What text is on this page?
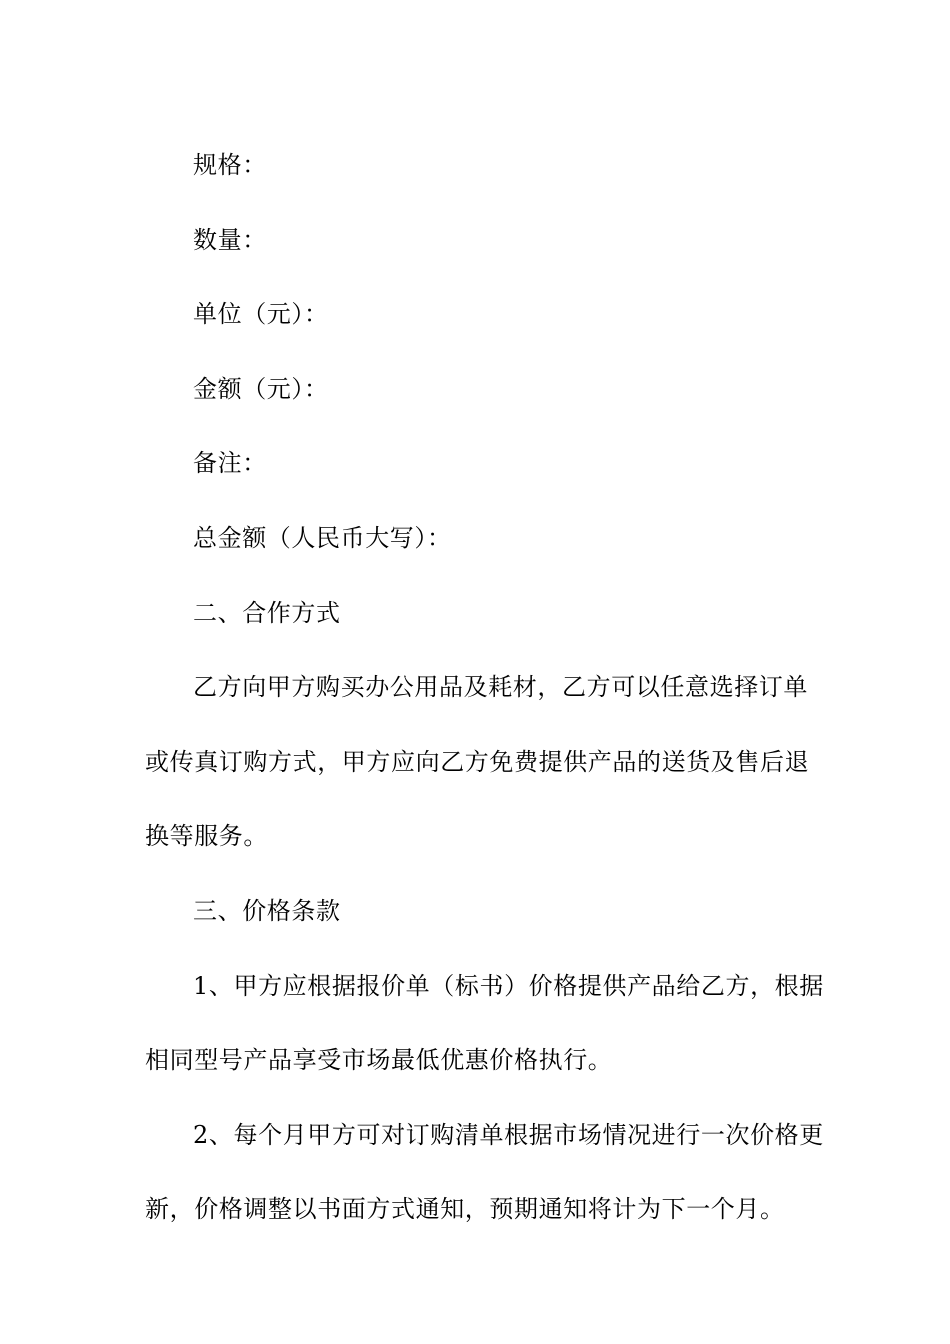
规格：
数量：
单位（元）：
金额（元）：
备注：
总金额（人民币大写）：
二、合作方式
乙方向甲方购买办公用品及耗材，乙方可以任意选择订单
或传真订购方式，甲方应向乙方免费提供产品的送货及售后退
换等服务。
三、价格条款
1、甲方应根据报价单（标书）价格提供产品给乙方，根据
相同型号产品享受市场最低优惠价格执行。
2、每个月甲方可对订购清单根据市场情况进行一次价格更
新，价格调整以书面方式通知，预期通知将计为下一个月。
